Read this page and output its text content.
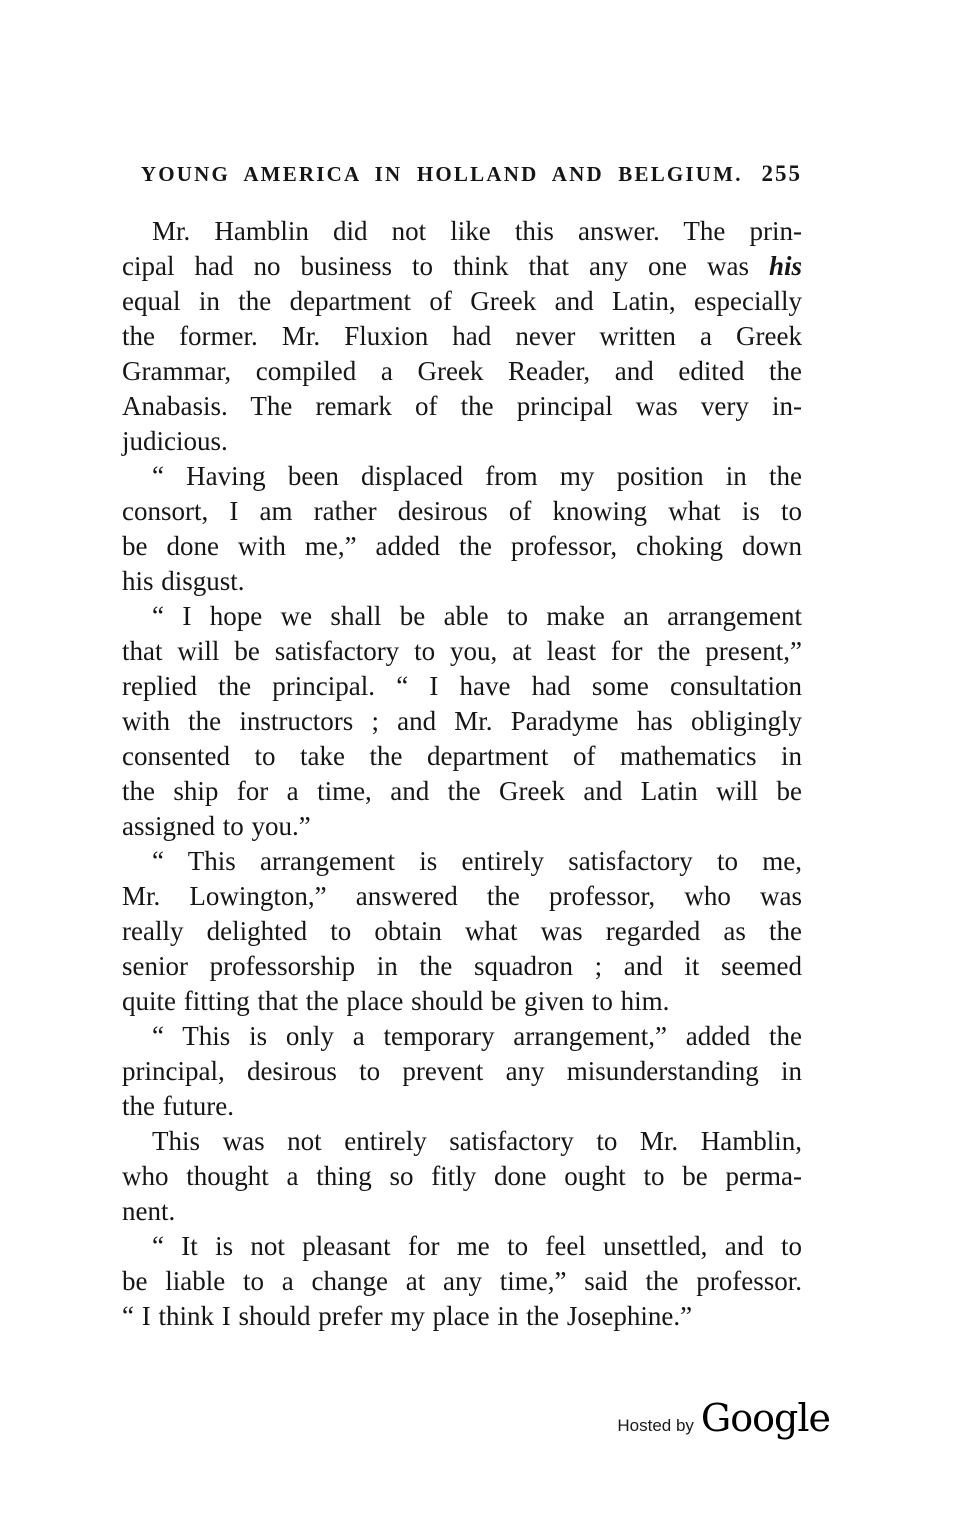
YOUNG AMERICA IN HOLLAND AND BELGIUM. 255
Mr. Hamblin did not like this answer. The prin-
cipal had no business to think that any one was his
equal in the department of Greek and Latin, especially
the former. Mr. Fluxion had never written a Greek
Grammar, compiled a Greek Reader, and edited the
Anabasis. The remark of the principal was very in-
judicious.
“ Having been displaced from my position in the
consort, I am rather desirous of knowing what is to
be done with me,” added the professor, choking down
his disgust.
“ I hope we shall be able to make an arrangement
that will be satisfactory to you, at least for the present,”
replied the principal. “ I have had some consultation
with the instructors ; and Mr. Paradyme has obligingly
consented to take the department of mathematics in
the ship for a time, and the Greek and Latin will be
assigned to you.”
“ This arrangement is entirely satisfactory to me,
Mr. Lowington,” answered the professor, who was
really delighted to obtain what was regarded as the
senior professorship in the squadron ; and it seemed
quite fitting that the place should be given to him.
“ This is only a temporary arrangement,” added the
principal, desirous to prevent any misunderstanding in
the future.
This was not entirely satisfactory to Mr. Hamblin,
who thought a thing so fitly done ought to be perma-
nent.
“ It is not pleasant for me to feel unsettled, and to
be liable to a change at any time,” said the professor.
“ I think I should prefer my place in the Josephine.”
Hosted by Google
